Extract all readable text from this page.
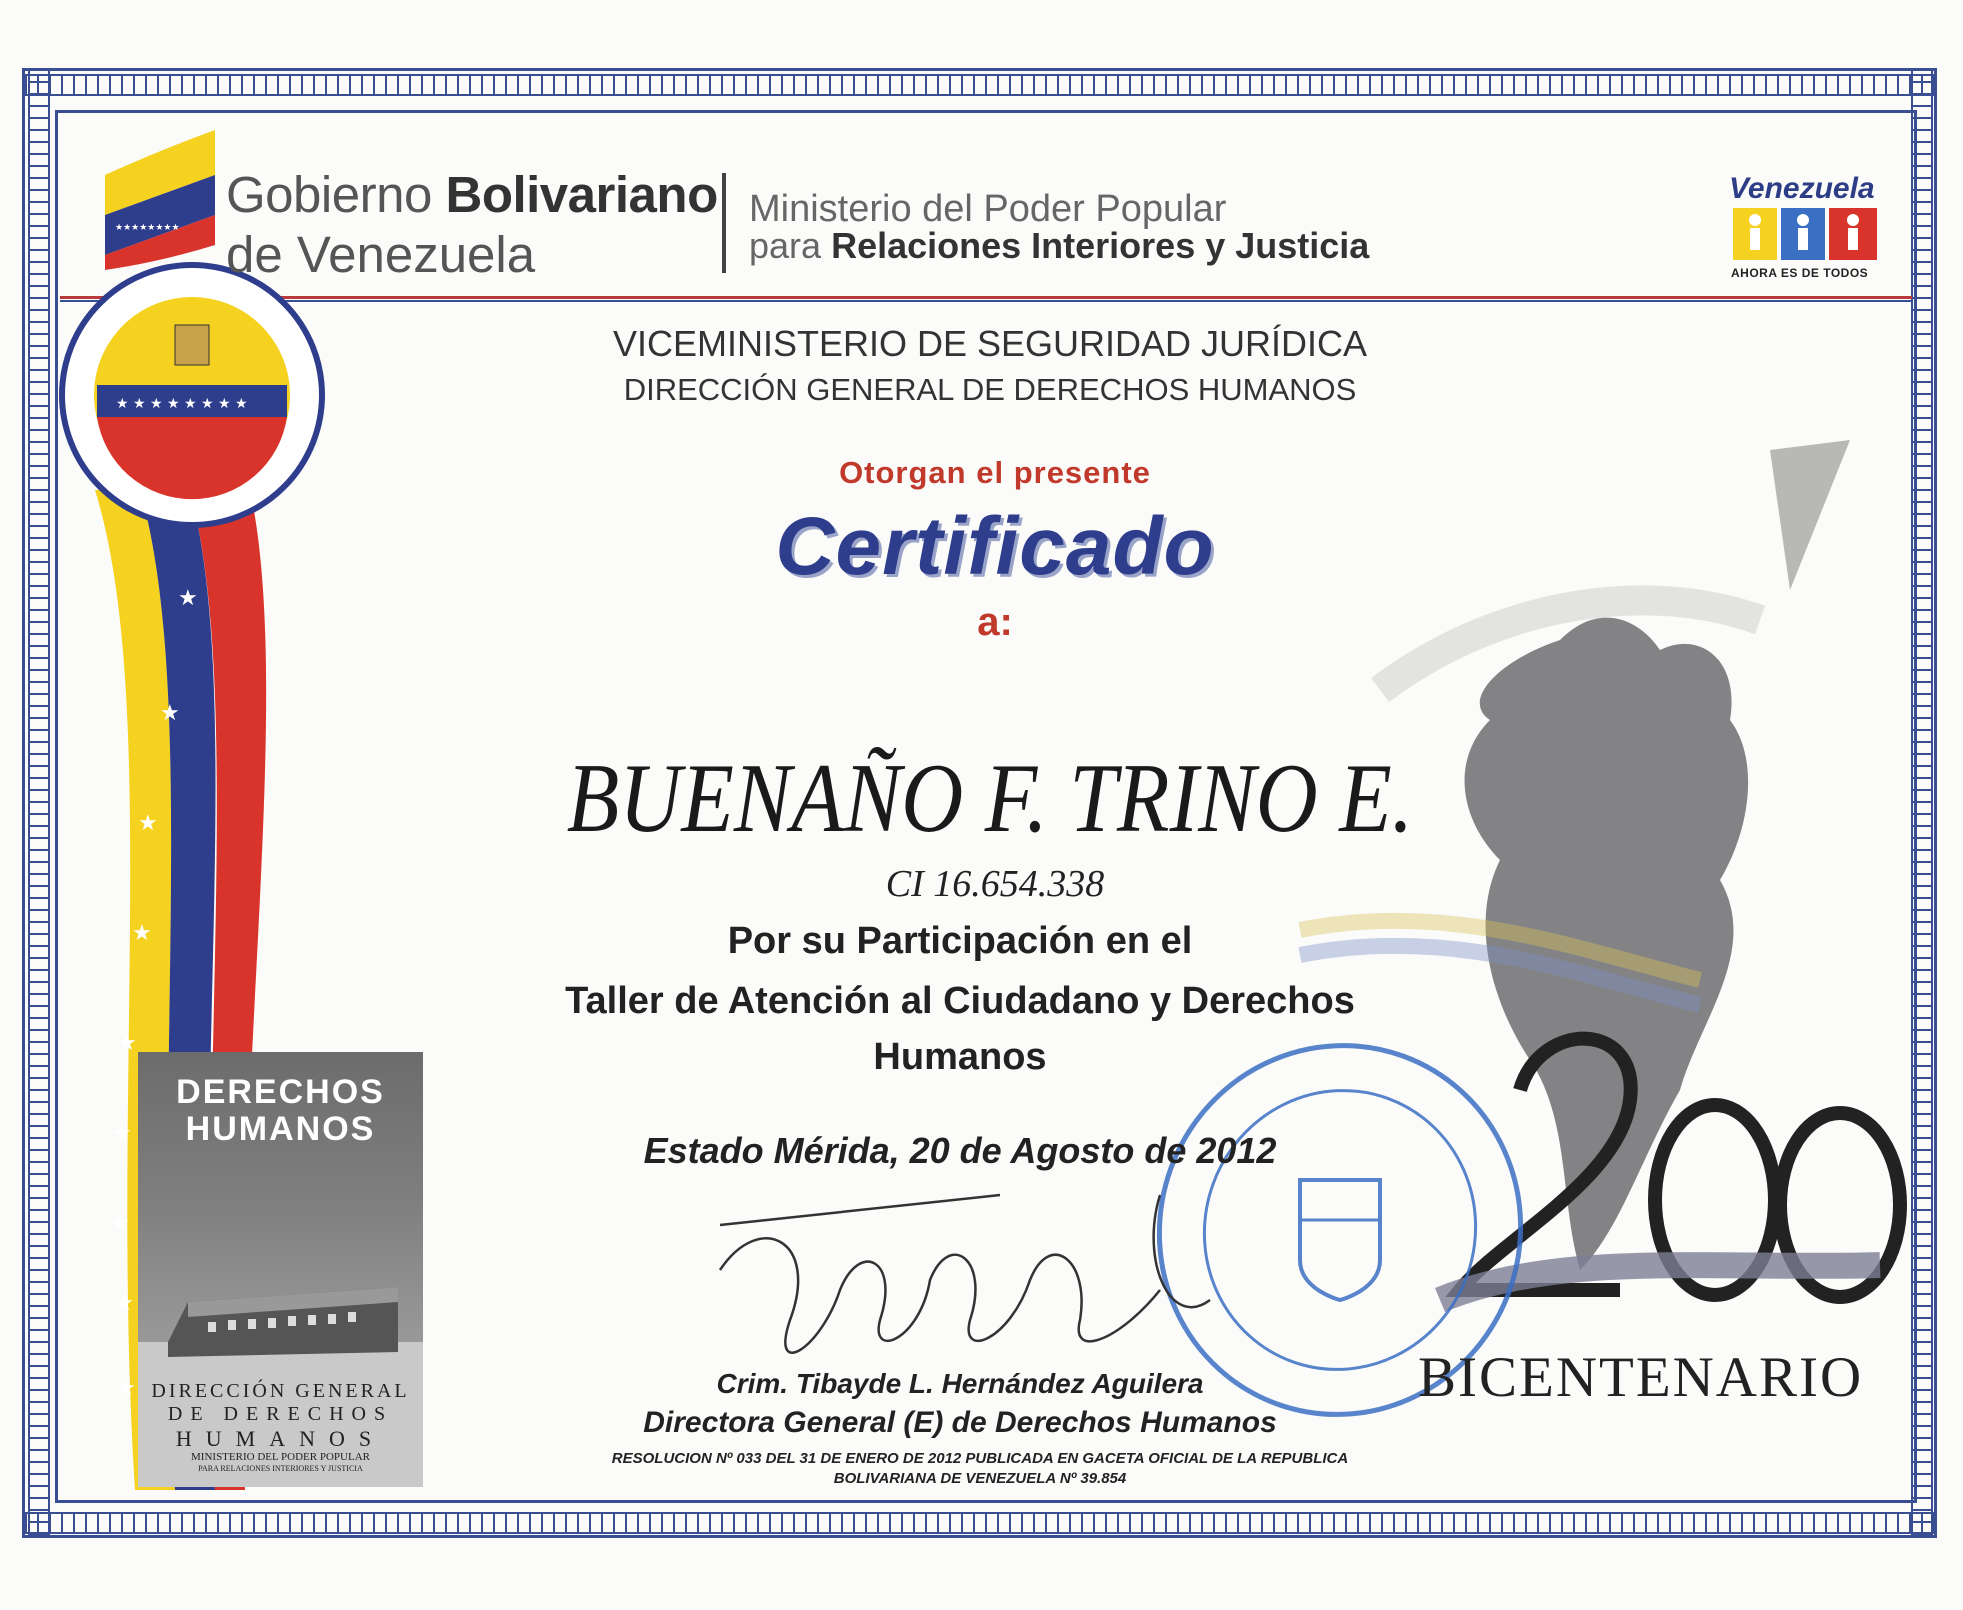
★
★
★
★
★
★
★
★
★
★★★★★★★★
★ ★ ★ ★ ★ ★ ★ ★
Gobierno Bolivariano
de Venezuela
Ministerio del Poder Popular
para Relaciones Interiores y Justicia
Venezuela
AHORA ES DE TODOS
VICEMINISTERIO DE SEGURIDAD JURÍDICA
DIRECCIÓN GENERAL DE DERECHOS HUMANOS
Otorgan el presente
Certificado
a:
BUENAÑO F. TRINO E.
CI 16.654.338
Por su Participación en el
Taller de Atención al Ciudadano y Derechos
Humanos
Estado Mérida, 20 de Agosto de 2012
Crim. Tibayde L. Hernández Aguilera
Directora General (E) de Derechos Humanos
RESOLUCION Nº 033 DEL 31 DE ENERO DE 2012 PUBLICADA EN GACETA OFICIAL DE LA REPUBLICA
BOLIVARIANA DE VENEZUELA Nº 39.854
DERECHOS
HUMANOS
DIRECCIÓN GENERAL
DE DERECHOS
HUMANOS
MINISTERIO DEL PODER POPULAR
PARA RELACIONES INTERIORES Y JUSTICIA
BICENTENARIO
